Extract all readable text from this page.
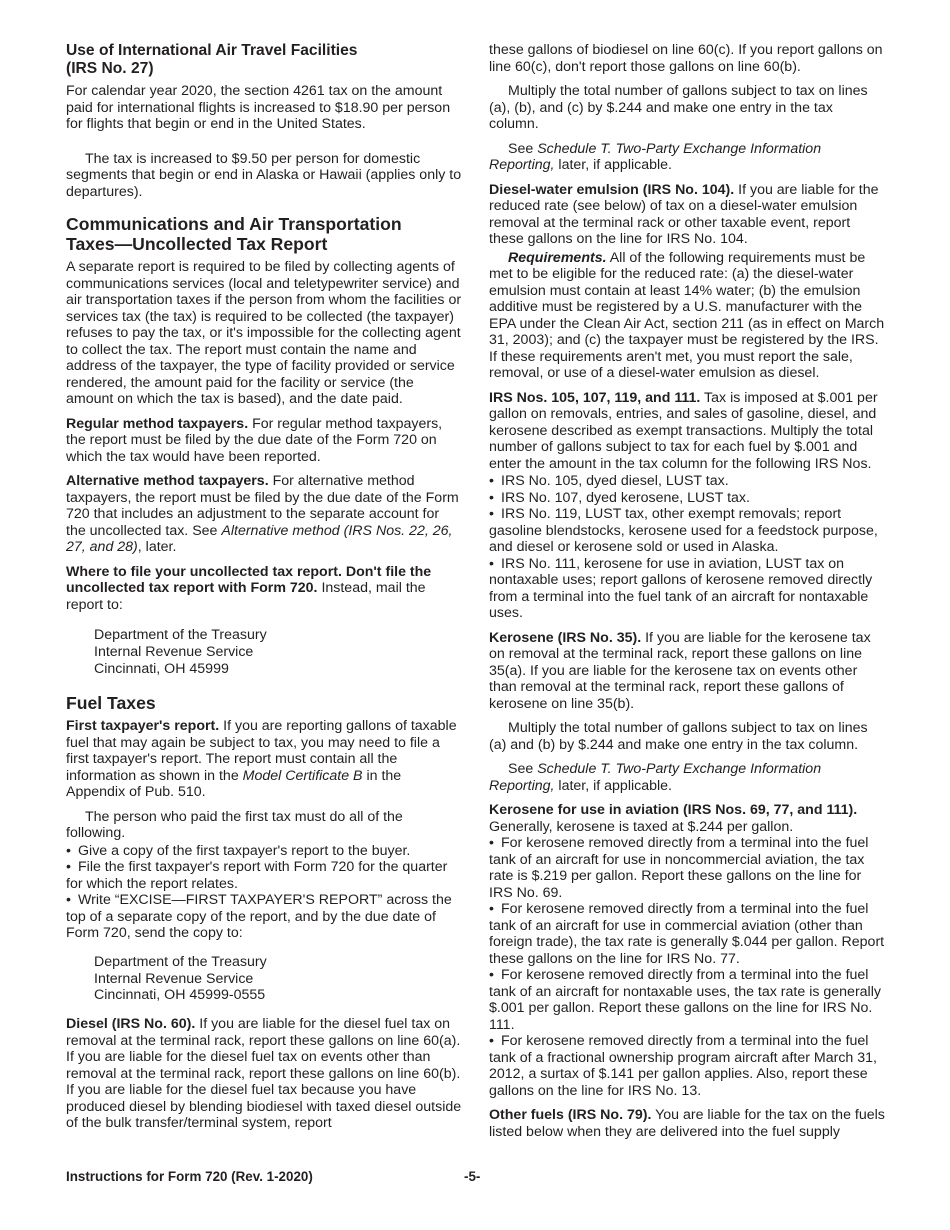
Use of International Air Travel Facilities
(IRS No. 27)

For calendar year 2020, the section 4261 tax on the amount paid for international flights is increased to $18.90 per person for flights that begin or end in the United States.

The tax is increased to $9.50 per person for domestic segments that begin or end in Alaska or Hawaii (applies only to departures).

Communications and Air Transportation
Taxes—Uncollected Tax Report

A separate report is required to be filed by collecting agents of communications services (local and teletypewriter service) and air transportation taxes if the person from whom the facilities or services tax (the tax) is required to be collected (the taxpayer) refuses to pay the tax, or it's impossible for the collecting agent to collect the tax. The report must contain the name and address of the taxpayer, the type of facility provided or service rendered, the amount paid for the facility or service (the amount on which the tax is based), and the date paid.

Regular method taxpayers. For regular method taxpayers, the report must be filed by the due date of the Form 720 on which the tax would have been reported.

Alternative method taxpayers. For alternative method taxpayers, the report must be filed by the due date of the Form 720 that includes an adjustment to the separate account for the uncollected tax. See Alternative method (IRS Nos. 22, 26, 27, and 28), later.

Where to file your uncollected tax report. Don't file the uncollected tax report with Form 720. Instead, mail the report to:

Department of the Treasury
Internal Revenue Service
Cincinnati, OH 45999
Fuel Taxes

First taxpayer's report. If you are reporting gallons of taxable fuel that may again be subject to tax, you may need to file a first taxpayer's report. The report must contain all the information as shown in the Model Certificate B in the Appendix of Pub. 510.

The person who paid the first tax must do all of the following.

• Give a copy of the first taxpayer's report to the buyer.
• File the first taxpayer's report with Form 720 for the quarter for which the report relates.
• Write “EXCISE—FIRST TAXPAYER'S REPORT” across the top of a separate copy of the report, and by the due date of Form 720, send the copy to:
Department of the Treasury
Internal Revenue Service
Cincinnati, OH 45999-0555

Diesel (IRS No. 60). If you are liable for the diesel fuel tax on removal at the terminal rack, report these gallons on line 60(a). If you are liable for the diesel fuel tax on events other than removal at the terminal rack, report these gallons on line 60(b). If you are liable for the diesel fuel tax because you have produced diesel by blending biodiesel with taxed diesel outside of the bulk transfer/terminal system, report

these gallons of biodiesel on line 60(c). If you report gallons on line 60(c), don't report those gallons on line 60(b).

Multiply the total number of gallons subject to tax on lines (a), (b), and (c) by $.244 and make one entry in the tax column.

See Schedule T. Two-Party Exchange Information Reporting, later, if applicable.

Diesel-water emulsion (IRS No. 104). If you are liable for the reduced rate (see below) of tax on a diesel-water emulsion removal at the terminal rack or other taxable event, report these gallons on the line for IRS No. 104.

Requirements. All of the following requirements must be met to be eligible for the reduced rate: (a) the diesel-water emulsion must contain at least 14% water; (b) the emulsion additive must be registered by a U.S. manufacturer with the EPA under the Clean Air Act, section 211 (as in effect on March 31, 2003); and (c) the taxpayer must be registered by the IRS. If these requirements aren't met, you must report the sale, removal, or use of a diesel-water emulsion as diesel.

IRS Nos. 105, 107, 119, and 111. Tax is imposed at $.001 per gallon on removals, entries, and sales of gasoline, diesel, and kerosene described as exempt transactions. Multiply the total number of gallons subject to tax for each fuel by $.001 and enter the amount in the tax column for the following IRS Nos.

• IRS No. 105, dyed diesel, LUST tax.
• IRS No. 107, dyed kerosene, LUST tax.
• IRS No. 119, LUST tax, other exempt removals; report gasoline blendstocks, kerosene used for a feedstock purpose, and diesel or kerosene sold or used in Alaska.
• IRS No. 111, kerosene for use in aviation, LUST tax on nontaxable uses; report gallons of kerosene removed directly from a terminal into the fuel tank of an aircraft for nontaxable uses.

Kerosene (IRS No. 35). If you are liable for the kerosene tax on removal at the terminal rack, report these gallons on line 35(a). If you are liable for the kerosene tax on events other than removal at the terminal rack, report these gallons of kerosene on line 35(b).

Multiply the total number of gallons subject to tax on lines (a) and (b) by $.244 and make one entry in the tax column.

See Schedule T. Two-Party Exchange Information Reporting, later, if applicable.

Kerosene for use in aviation (IRS Nos. 69, 77, and 111).
Generally, kerosene is taxed at $.244 per gallon.
• For kerosene removed directly from a terminal into the fuel tank of an aircraft for use in noncommercial aviation, the tax rate is $.219 per gallon. Report these gallons on the line for IRS No. 69.
• For kerosene removed directly from a terminal into the fuel tank of an aircraft for use in commercial aviation (other than foreign trade), the tax rate is generally $.044 per gallon. Report these gallons on the line for IRS No. 77.
• For kerosene removed directly from a terminal into the fuel tank of an aircraft for nontaxable uses, the tax rate is generally $.001 per gallon. Report these gallons on the line for IRS No. 111.
• For kerosene removed directly from a terminal into the fuel tank of a fractional ownership program aircraft after March 31, 2012, a surtax of $.141 per gallon applies. Also, report these gallons on the line for IRS No. 13.

Other fuels (IRS No. 79). You are liable for the tax on the fuels listed below when they are delivered into the fuel supply

Instructions for Form 720 (Rev. 1-2020)	-5-
